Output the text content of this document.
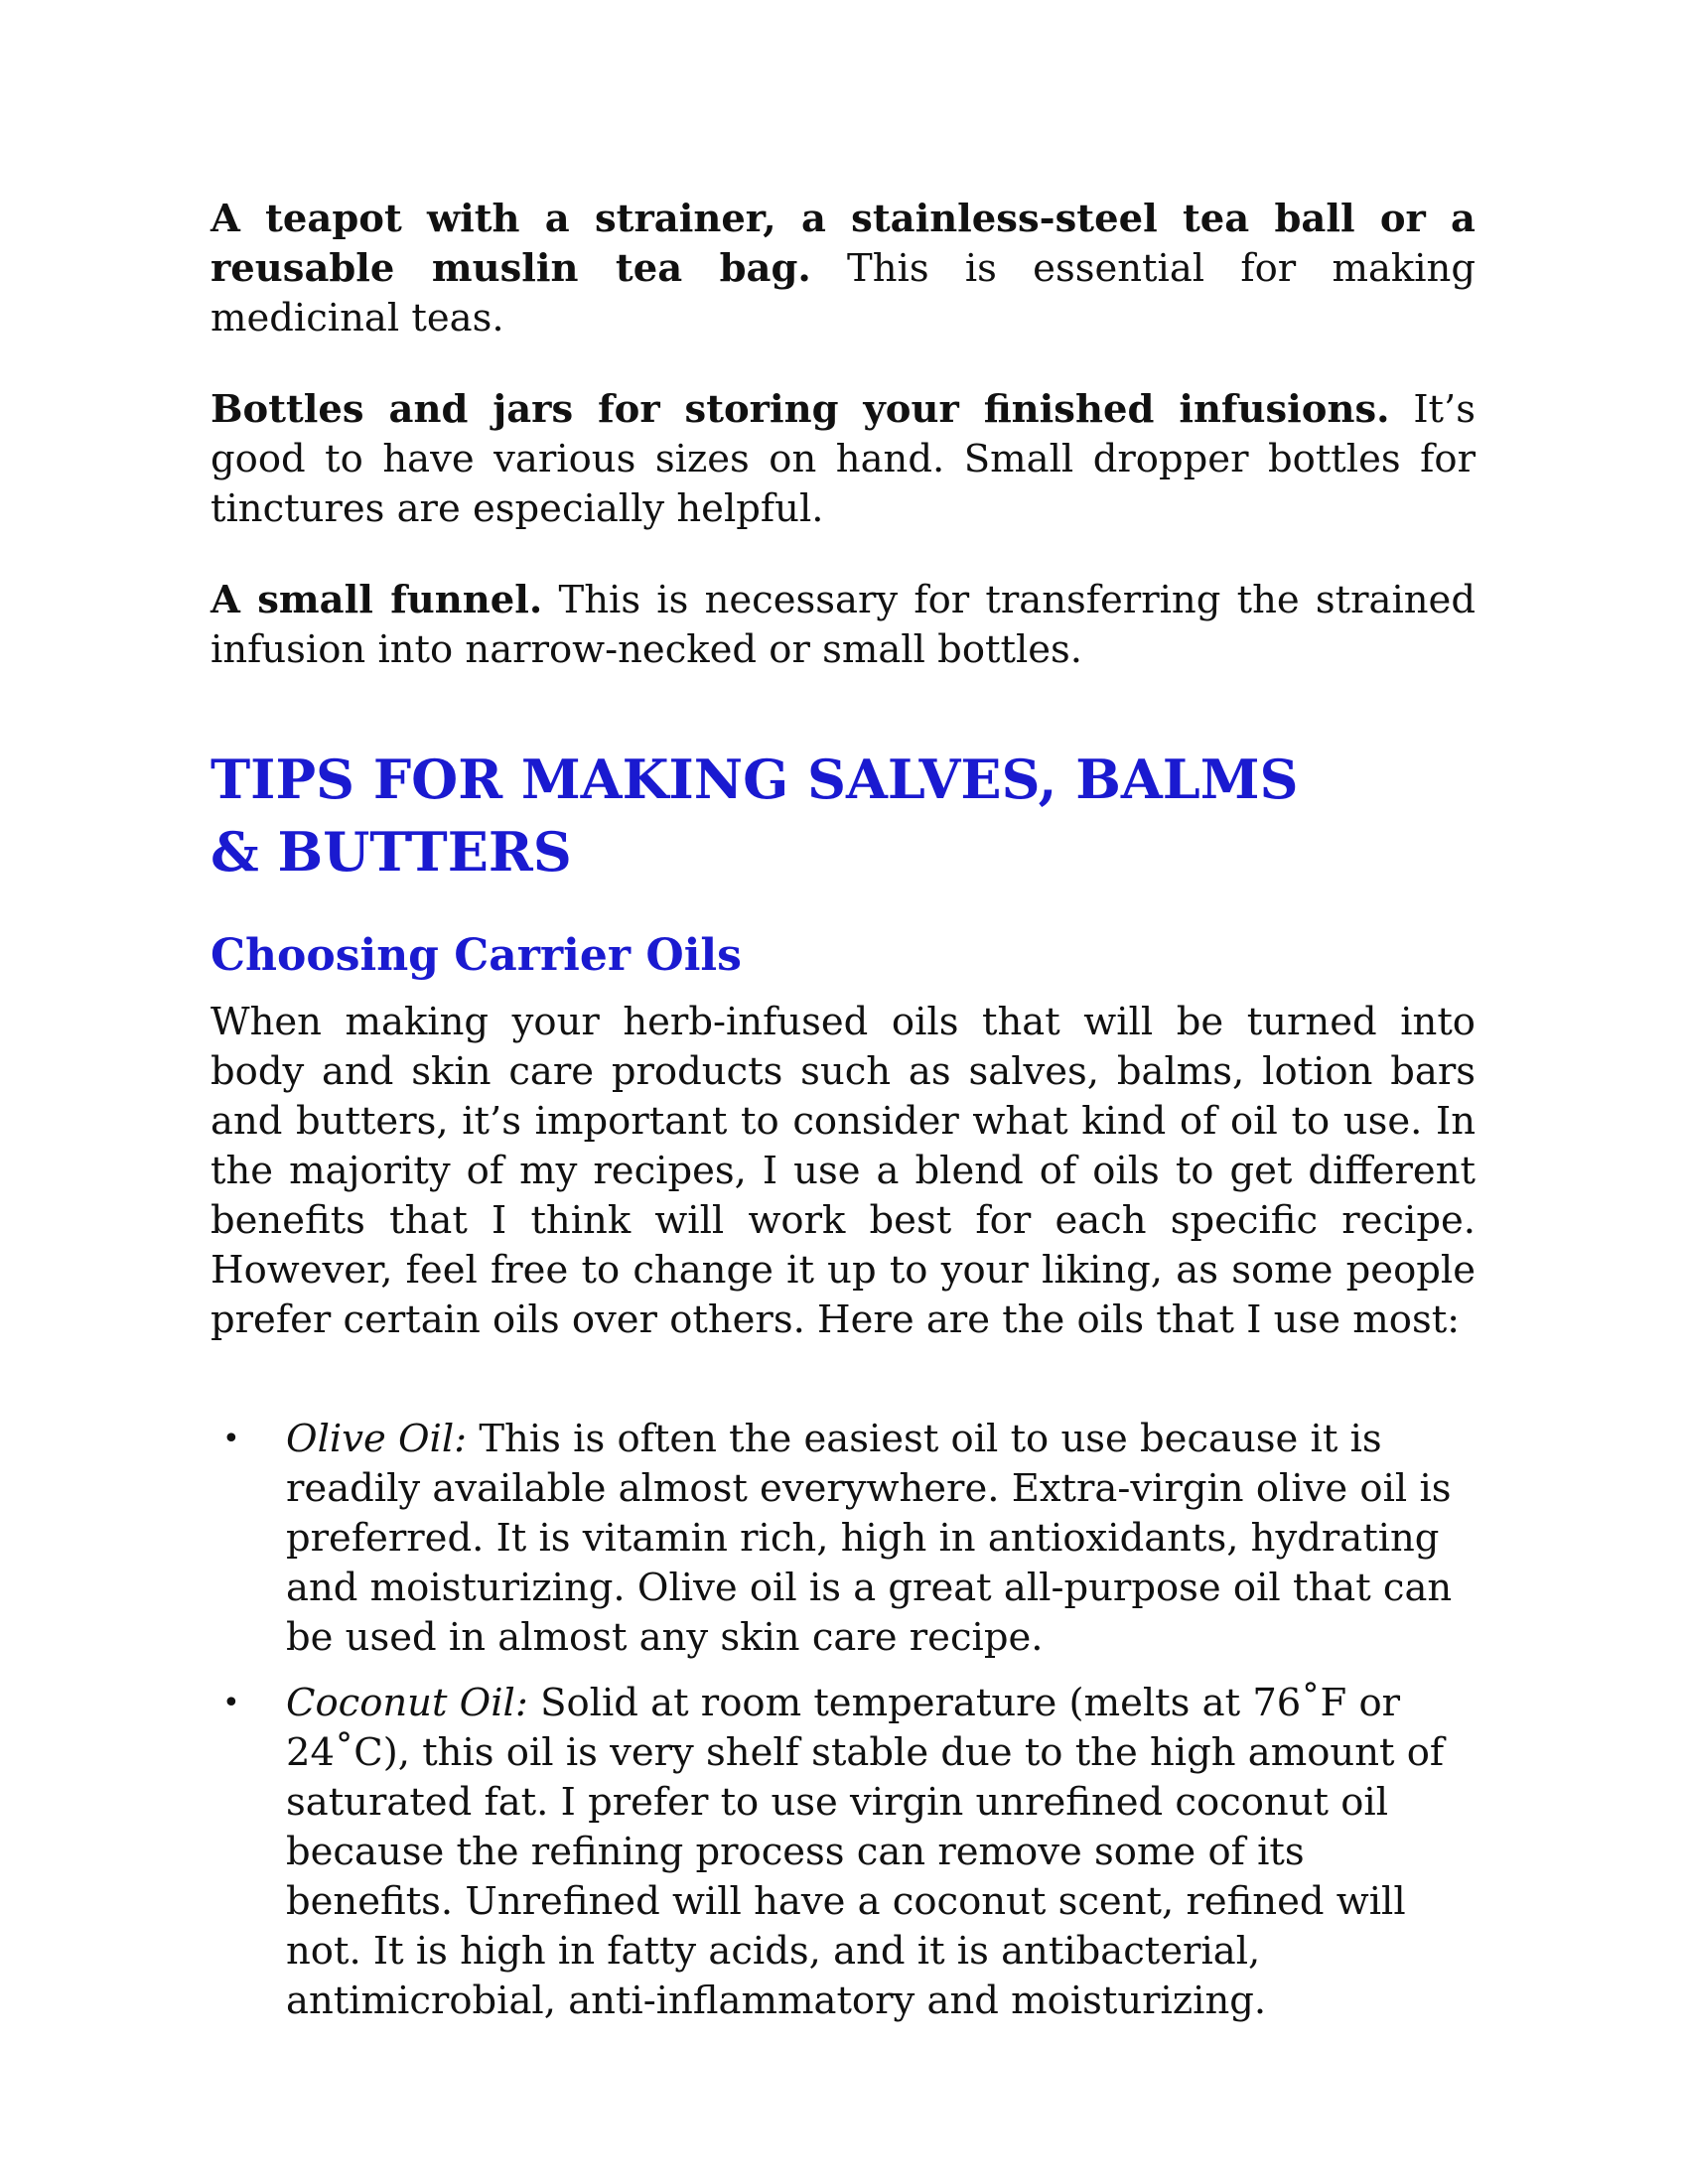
A teapot with a strainer, a stainless-steel tea ball or a reusable muslin tea bag. This is essential for making medicinal teas.

Bottles and jars for storing your finished infusions. It’s good to have various sizes on hand. Small dropper bottles for tinctures are especially helpful.

A small funnel. This is necessary for transferring the strained infusion into narrow-necked or small bottles.

TIPS FOR MAKING SALVES, BALMS & BUTTERS
Choosing Carrier Oils

When making your herb-infused oils that will be turned into body and skin care products such as salves, balms, lotion bars and butters, it’s important to consider what kind of oil to use. In the majority of my recipes, I use a blend of oils to get different benefits that I think will work best for each specific recipe. However, feel free to change it up to your liking, as some people prefer certain oils over others. Here are the oils that I use most:

• Olive Oil: This is often the easiest oil to use because it is readily available almost everywhere. Extra-virgin olive oil is preferred. It is vitamin rich, high in antioxidants, hydrating and moisturizing. Olive oil is a great all-purpose oil that can be used in almost any skin care recipe.
• Coconut Oil: Solid at room temperature (melts at 76˚F or 24˚C), this oil is very shelf stable due to the high amount of saturated fat. I prefer to use virgin unrefined coconut oil because the refining process can remove some of its benefits. Unrefined will have a coconut scent, refined will not. It is high in fatty acids, and it is antibacterial, antimicrobial, anti-inflammatory and moisturizing.
